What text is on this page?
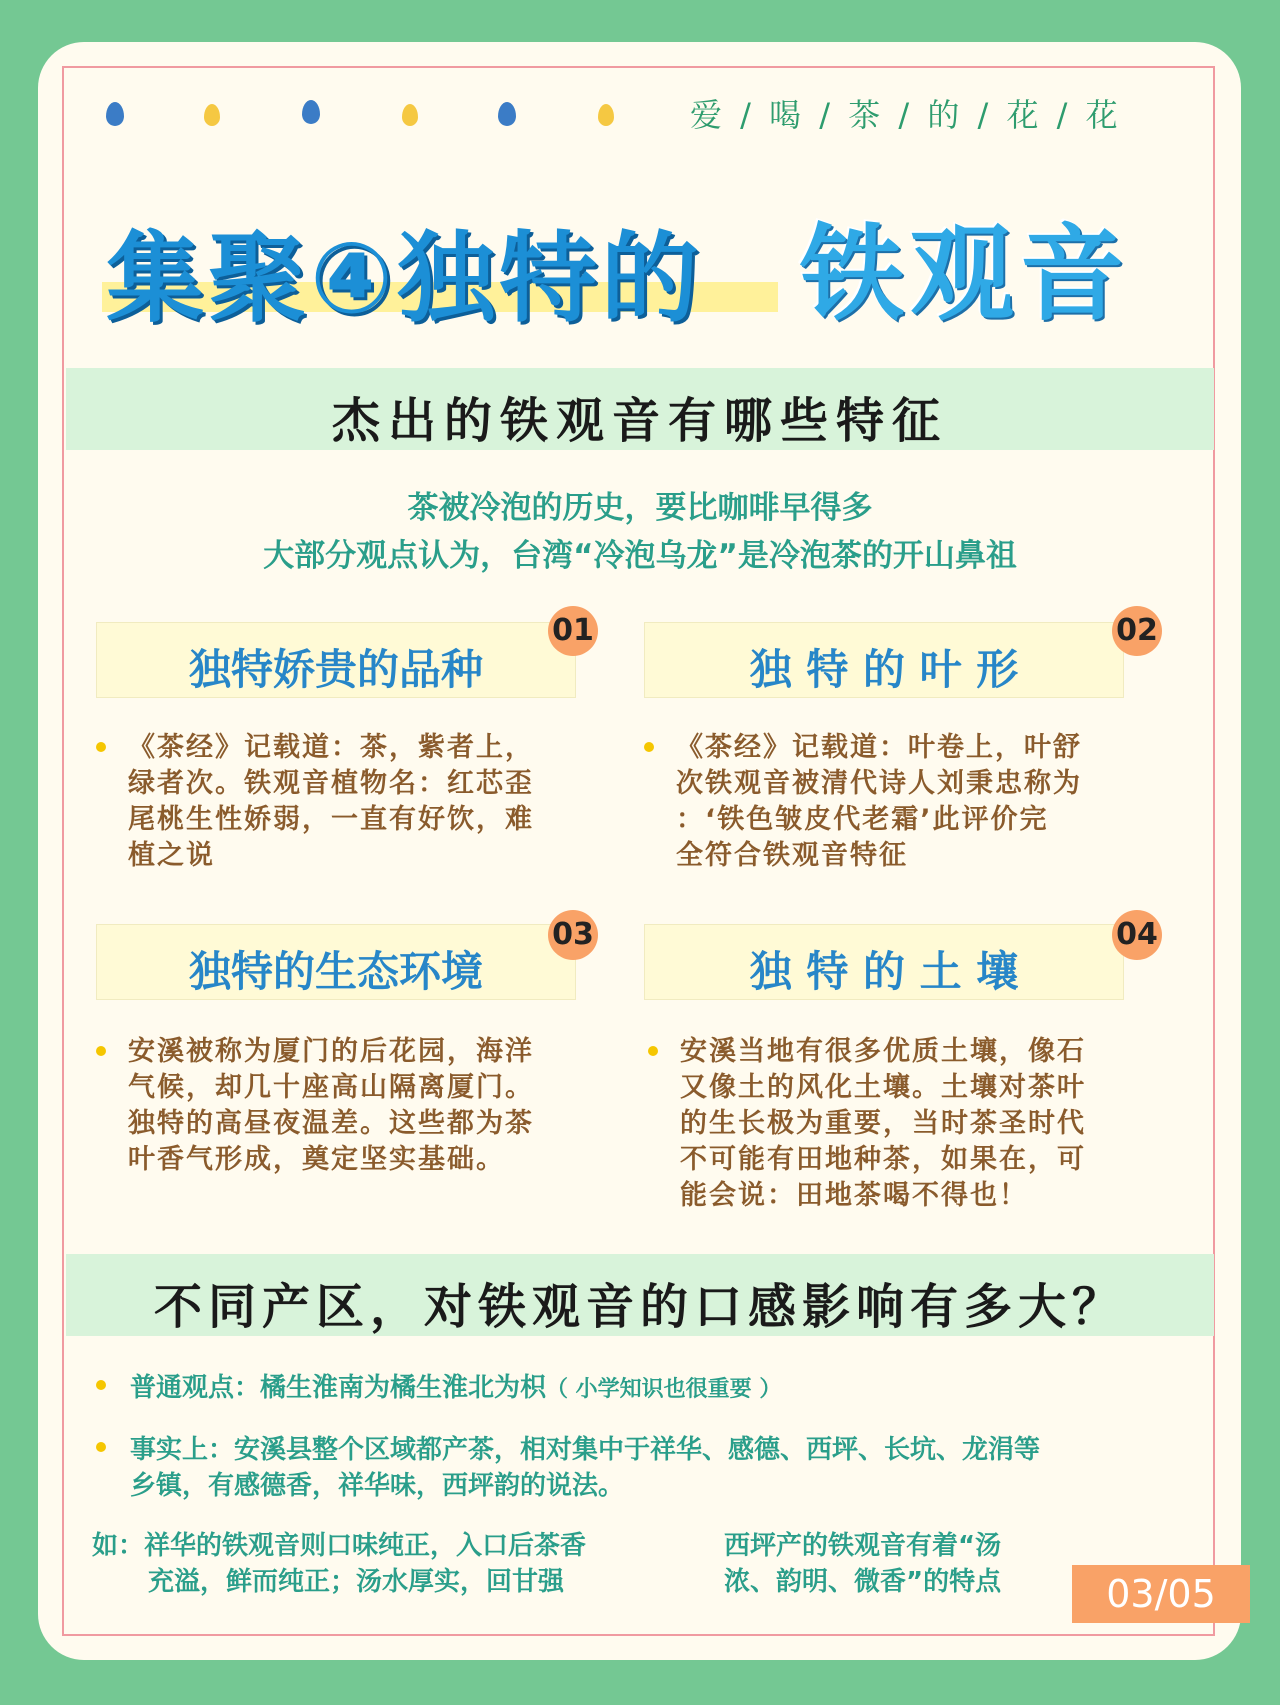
爱 / 喝 / 茶 / 的 / 花 / 花
集聚④独特的 铁观音
杰出的铁观音有哪些特征
茶被冷泡的历史，要比咖啡早得多
大部分观点认为，台湾“冷泡乌龙”是冷泡茶的开山鼻祖
独特娇贵的品种
01
《茶经》记载道：茶，紫者上，
绿者次。铁观音植物名：红芯歪
尾桃生性娇弱，一直有好饮，难
植之说
独 特 的 叶 形
02
《茶经》记载道：叶卷上，叶舒
次铁观音被清代诗人刘秉忠称为
：‘铁色皱皮代老霜’此评价完
全符合铁观音特征
独特的生态环境
03
安溪被称为厦门的后花园，海洋
气候，却几十座高山隔离厦门。
独特的高昼夜温差。这些都为茶
叶香气形成，奠定坚实基础。
独 特 的 土 壤
04
安溪当地有很多优质土壤，像石
又像土的风化土壤。土壤对茶叶
的生长极为重要，当时茶圣时代
不可能有田地种茶，如果在，可
能会说：田地茶喝不得也！
不同产区，对铁观音的口感影响有多大？
普通观点：橘生淮南为橘生淮北为枳（ 小学知识也很重要 ）
事实上：安溪县整个区域都产茶，相对集中于祥华、感德、西坪、长坑、龙涓等
乡镇，有感德香，祥华味，西坪韵的说法。
如：祥华的铁观音则口味纯正，入口后茶香
充溢，鲜而纯正；汤水厚实，回甘强
西坪产的铁观音有着“汤
浓、韵明、微香”的特点	03/05
